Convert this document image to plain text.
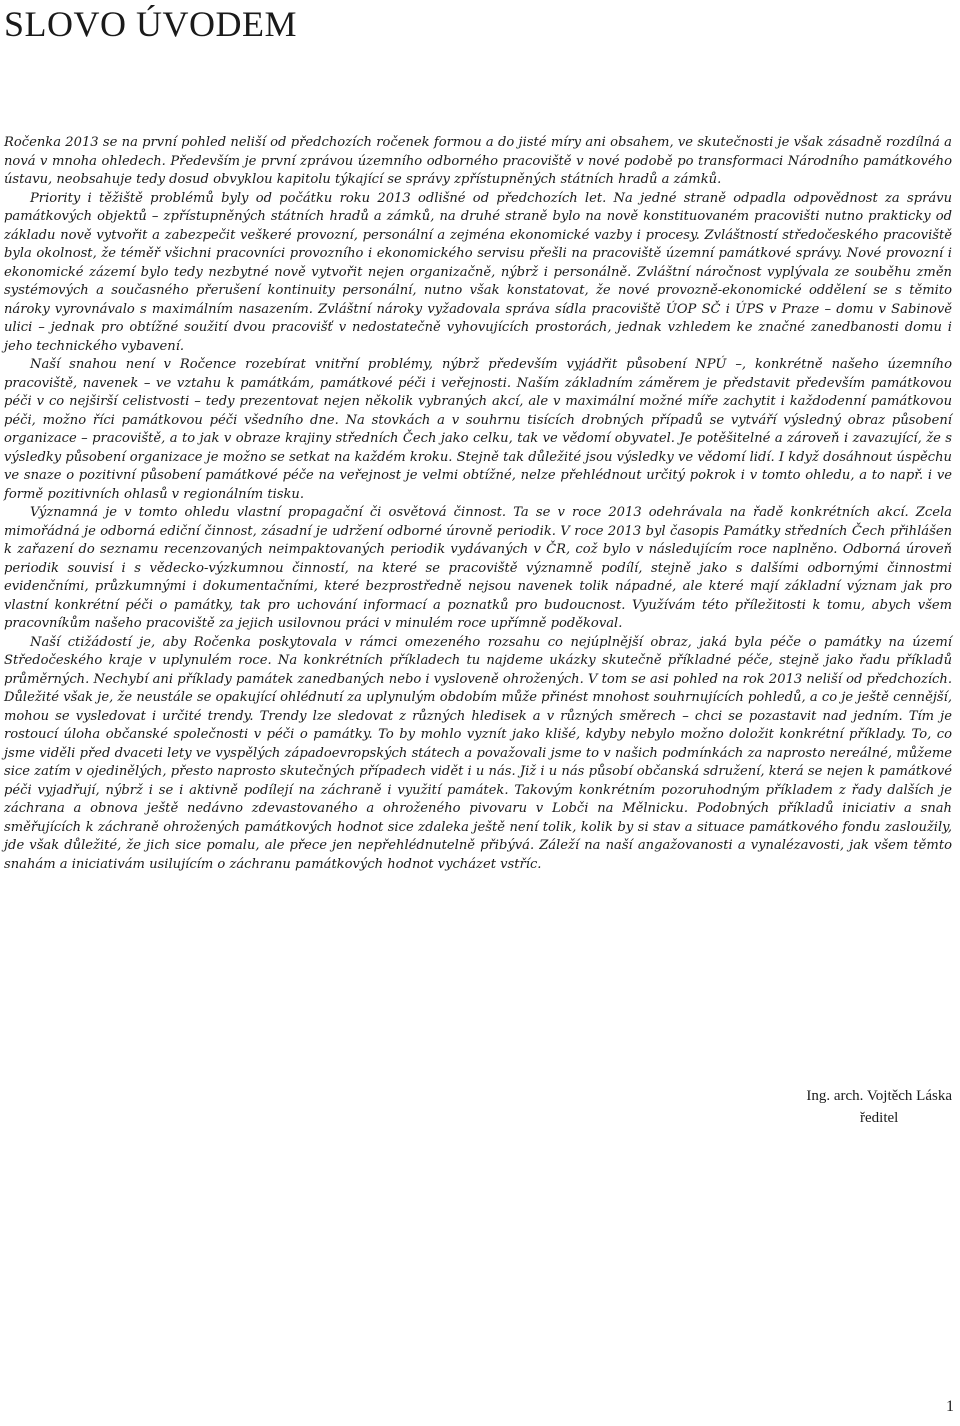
SLOVO ÚVODEM

Ročenka 2013 se na první pohled neliší od předchozích ročenek formou a do jisté míry ani obsahem, ve skutečnosti je však zásadně rozdílná a nová v mnoha ohledech. Především je první zprávou územního odborného pracoviště v nové podobě po transformaci Národního památkového ústavu, neobsahuje tedy dosud obvyklou kapitolu týkající se správy zpřístupněných státních hradů a zámků.

Priority i těžiště problémů byly od počátku roku 2013 odlišné od předchozích let. Na jedné straně odpadla odpovědnost za správu památkových objektů – zpřístupněných státních hradů a zámků, na druhé straně bylo na nově konstituovaném pracovišti nutno prakticky od základu nově vytvořit a zabezpečit veškeré provozní, personální a zejména ekonomické vazby i procesy. Zvláštností středočeského pracoviště byla okolnost, že téměř všichni pracovníci provozního i ekonomického servisu přešli na pracoviště územní památkové správy. Nové provozní i ekonomické zázemí bylo tedy nezbytné nově vytvořit nejen organizačně, nýbrž i personálně. Zvláštní náročnost vyplývala ze souběhu změn systémových a současného přerušení kontinuity personální, nutno však konstatovat, že nové provozně-ekonomické oddělení se s těmito nároky vyrovnávalo s maximálním nasazením. Zvláštní nároky vyžadovala správa sídla pracoviště ÚOP SČ i ÚPS v Praze – domu v Sabinově ulici – jednak pro obtížné soužití dvou pracovišť v nedostatečně vyhovujících prostorách, jednak vzhledem ke značné zanedbanosti domu i jeho technického vybavení.

Naší snahou není v Ročence rozebírat vnitřní problémy, nýbrž především vyjádřit působení NPÚ –, konkrétně našeho územního pracoviště, navenek – ve vztahu k památkám, památkové péči i veřejnosti. Naším základním záměrem je představit především památkovou péči v co nejširší celistvosti – tedy prezentovat nejen několik vybraných akcí, ale v maximální možné míře zachytit i každodenní památkovou péči, možno říci památkovou péči všedního dne. Na stovkách a v souhrnu tisících drobných případů se vytváří výsledný obraz působení organizace – pracoviště, a to jak v obraze krajiny středních Čech jako celku, tak ve vědomí obyvatel. Je potěšitelné a zároveň i zavazující, že s výsledky působení organizace je možno se setkat na každém kroku. Stejně tak důležité jsou výsledky ve vědomí lidí. I když dosáhnout úspěchu ve snaze o pozitivní působení památkové péče na veřejnost je velmi obtížné, nelze přehlédnout určitý pokrok i v tomto ohledu, a to např. i ve formě pozitivních ohlasů v regionálním tisku.

Významná je v tomto ohledu vlastní propagační či osvětová činnost. Ta se v roce 2013 odehrávala na řadě konkrétních akcí. Zcela mimořádná je odborná ediční činnost, zásadní je udržení odborné úrovně periodik. V roce 2013 byl časopis Památky středních Čech přihlášen k zařazení do seznamu recenzovaných neimpaktovaných periodik vydávaných v ČR, což bylo v následujícím roce naplněno. Odborná úroveň periodik souvisí i s vědecko-výzkumnou činností, na které se pracoviště významně podílí, stejně jako s dalšími odbornými činnostmi evidenčními, průzkumnými i dokumentačními, které bezprostředně nejsou navenek tolik nápadné, ale které mají základní význam jak pro vlastní konkrétní péči o památky, tak pro uchování informací a poznatků pro budoucnost. Využívám této příležitosti k tomu, abych všem pracovníkům našeho pracoviště za jejich usilovnou práci v minulém roce upřímně poděkoval.

Naší ctižádostí je, aby Ročenka poskytovala v rámci omezeného rozsahu co nejúplnější obraz, jaká byla péče o památky na území Středočeského kraje v uplynulém roce. Na konkrétních příkladech tu najdeme ukázky skutečně příkladné péče, stejně jako řadu příkladů průměrných. Nechybí ani příklady památek zanedbaných nebo i vysloveně ohrožených. V tom se asi pohled na rok 2013 neliší od předchozích. Důležité však je, že neustále se opakující ohlédnutí za uplynulým obdobím může přinést mnohost souhrnujících pohledů, a co je ještě cennější, mohou se vysledovat i určité trendy. Trendy lze sledovat z různých hledisek a v různých směrech – chci se pozastavit nad jedním. Tím je rostoucí úloha občanské společnosti v péči o památky. To by mohlo vyznít jako klišé, kdyby nebylo možno doložit konkrétní příklady. To, co jsme viděli před dvaceti lety ve vyspělých západoevropských státech a považovali jsme to v našich podmínkách za naprosto nereálné, můžeme sice zatím v ojedinělých, přesto naprosto skutečných případech vidět i u nás. Již i u nás působí občanská sdružení, která se nejen k památkové péči vyjadřují, nýbrž i se i aktivně podílejí na záchraně i využití památek. Takovým konkrétním pozoruhodným příkladem z řady dalších je záchrana a obnova ještě nedávno zdevastovaného a ohroženého pivovaru v Lobči na Mělnicku. Podobných příkladů iniciativ a snah směřujících k záchraně ohrožených památkových hodnot sice zdaleka ještě není tolik, kolik by si stav a situace památkového fondu zasloužily, jde však důležité, že jich sice pomalu, ale přece jen nepřehlédnutelně přibývá. Záleží na naší angažovanosti a vynalézavosti, jak všem těmto snahám a iniciativám usilujícím o záchranu památkových hodnot vycházet vstříc.

Ing. arch. Vojtěch Láska
ředitel
1
